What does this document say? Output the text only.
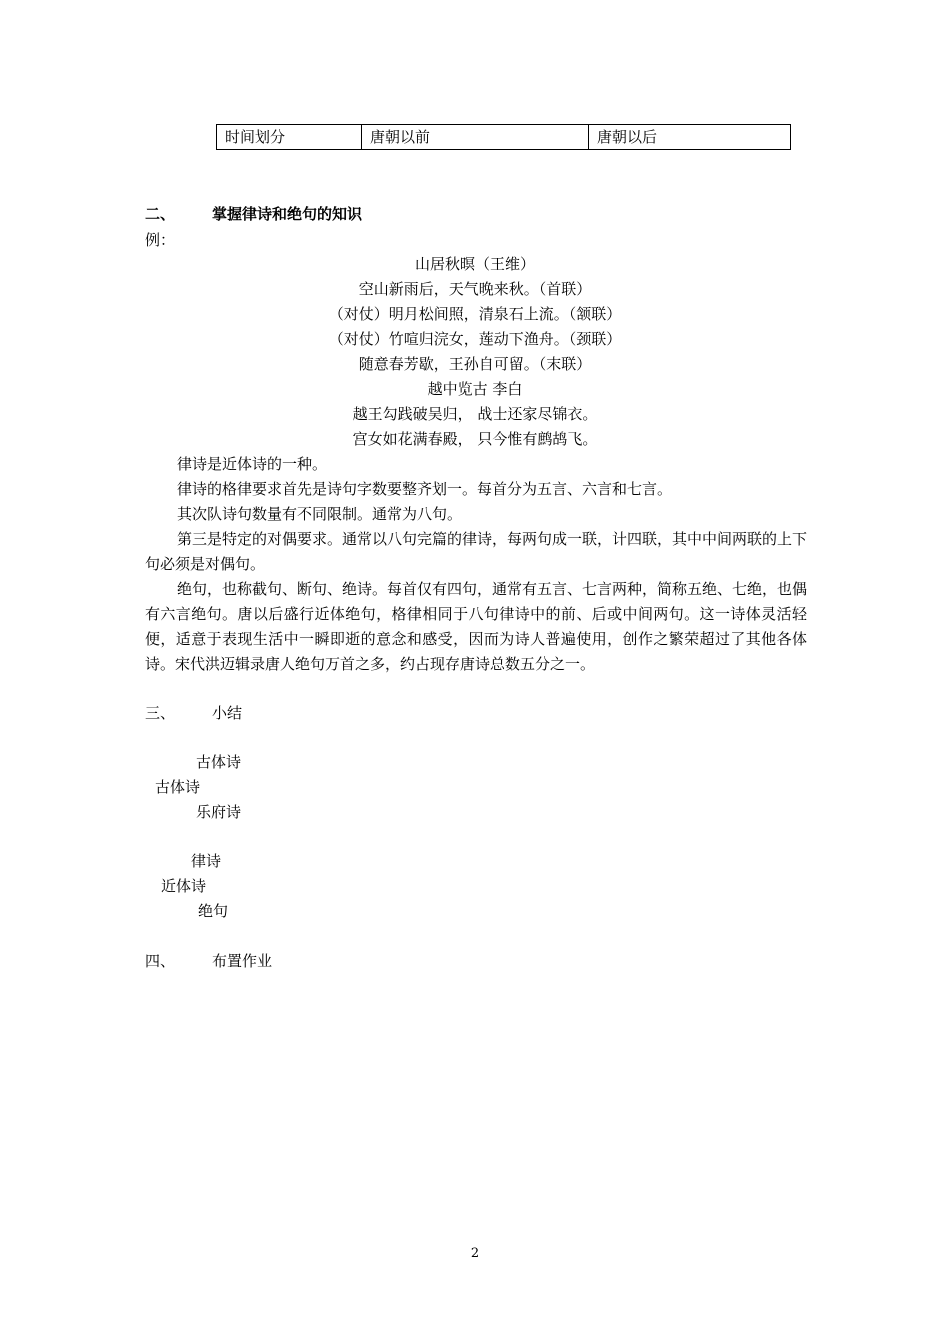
时间划分	唐朝以前	唐朝以后
二、 掌握律诗和绝句的知识
例：
山居秋暝（王维）
空山新雨后，天气晚来秋。（首联）
（对仗）明月松间照，清泉石上流。（颔联）
（对仗）竹喧归浣女，莲动下渔舟。（颈联）
随意春芳歇，王孙自可留。（末联）
越中览古 李白
越王勾践破吴归， 战士还家尽锦衣。
宫女如花满春殿， 只今惟有鹧鸪飞。
律诗是近体诗的一种。
律诗的格律要求首先是诗句字数要整齐划一。每首分为五言、六言和七言。
其次队诗句数量有不同限制。通常为八句。
第三是特定的对偶要求。通常以八句完篇的律诗，每两句成一联，计四联，其中中间两联的上下句必须是对偶句。
绝句，也称截句、断句、绝诗。每首仅有四句，通常有五言、七言两种，简称五绝、七绝，也偶有六言绝句。唐以后盛行近体绝句，格律相同于八句律诗中的前、后或中间两句。这一诗体灵活轻便，适意于表现生活中一瞬即逝的意念和感受，因而为诗人普遍使用，创作之繁荣超过了其他各体诗。宋代洪迈辑录唐人绝句万首之多，约占现存唐诗总数五分之一。
三、 小结
古体诗
古体诗
乐府诗
律诗
近体诗
绝句
四、 布置作业
2
